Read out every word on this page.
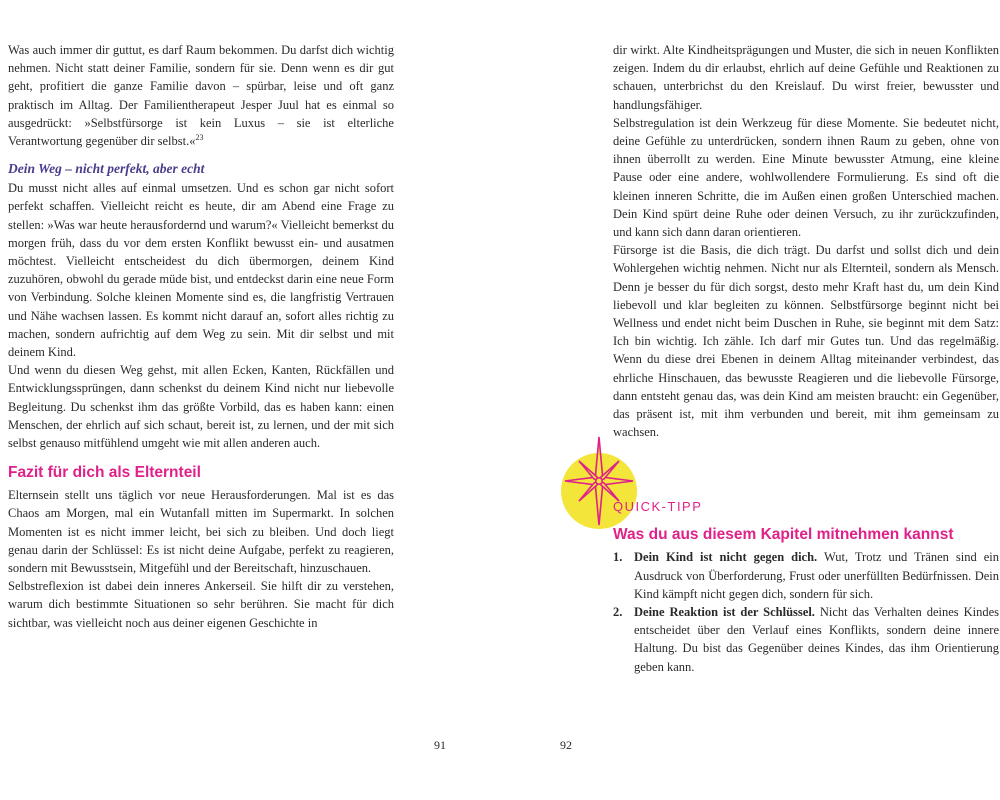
Was auch immer dir guttut, es darf Raum bekommen. Du darfst dich wichtig nehmen. Nicht statt deiner Familie, sondern für sie. Denn wenn es dir gut geht, profitiert die ganze Familie davon – spürbar, leise und oft ganz praktisch im Alltag. Der Familientherapeut Jesper Juul hat es einmal so ausgedrückt: »Selbstfürsorge ist kein Luxus – sie ist elterliche Verantwortung gegenüber dir selbst.«$^{23}$

Dein Weg – nicht perfekt, aber echt

Du musst nicht alles auf einmal umsetzen. Und es schon gar nicht sofort perfekt schaffen. Vielleicht reicht es heute, dir am Abend eine Frage zu stellen: »Was war heute herausfordernd und warum?« Vielleicht bemerkst du morgen früh, dass du vor dem ersten Konflikt bewusst ein- und ausatmen möchtest. Vielleicht entscheidest du dich übermorgen, deinem Kind zuzuhören, obwohl du gerade müde bist, und entdeckst darin eine neue Form von Verbindung. Solche kleinen Momente sind es, die langfristig Vertrauen und Nähe wachsen lassen. Es kommt nicht darauf an, sofort alles richtig zu machen, sondern aufrichtig auf dem Weg zu sein. Mit dir selbst und mit deinem Kind.

Und wenn du diesen Weg gehst, mit allen Ecken, Kanten, Rückfällen und Entwicklungssprüngen, dann schenkst du deinem Kind nicht nur liebevolle Begleitung. Du schenkst ihm das größte Vorbild, das es haben kann: einen Menschen, der ehrlich auf sich schaut, bereit ist, zu lernen, und der mit sich selbst genauso mitfühlend umgeht wie mit allen anderen auch.

Fazit für dich als Elternteil

Elternsein stellt uns täglich vor neue Herausforderungen. Mal ist es das Chaos am Morgen, mal ein Wutanfall mitten im Supermarkt. In solchen Momenten ist es nicht immer leicht, bei sich zu bleiben. Und doch liegt genau darin der Schlüssel: Es ist nicht deine Aufgabe, perfekt zu reagieren, sondern mit Bewusstsein, Mitgefühl und der Bereitschaft, hinzuschauen.

Selbstreflexion ist dabei dein inneres Ankerseil. Sie hilft dir zu verstehen, warum dich bestimmte Situationen so sehr berühren. Sie macht für dich sichtbar, was vielleicht noch aus deiner eigenen Geschichte in

91

dir wirkt. Alte Kindheitsprägungen und Muster, die sich in neuen Konflikten zeigen. Indem du dir erlaubst, ehrlich auf deine Gefühle und Reaktionen zu schauen, unterbrichst du den Kreislauf. Du wirst freier, bewusster und handlungsfähiger.

Selbstregulation ist dein Werkzeug für diese Momente. Sie bedeutet nicht, deine Gefühle zu unterdrücken, sondern ihnen Raum zu geben, ohne von ihnen überrollt zu werden. Eine Minute bewusster Atmung, eine kleine Pause oder eine andere, wohlwollendere Formulierung. Es sind oft die kleinen inneren Schritte, die im Außen einen großen Unterschied machen. Dein Kind spürt deine Ruhe oder deinen Versuch, zu ihr zurückzufinden, und kann sich dann daran orientieren.

Fürsorge ist die Basis, die dich trägt. Du darfst und sollst dich und dein Wohlergehen wichtig nehmen. Nicht nur als Elternteil, sondern als Mensch. Denn je besser du für dich sorgst, desto mehr Kraft hast du, um dein Kind liebevoll und klar begleiten zu können. Selbstfürsorge beginnt nicht bei Wellness und endet nicht beim Duschen in Ruhe, sie beginnt mit dem Satz: Ich bin wichtig. Ich zähle. Ich darf mir Gutes tun. Und das regelmäßig. Wenn du diese drei Ebenen in deinem Alltag miteinander verbindest, das ehrliche Hinschauen, das bewusste Reagieren und die liebevolle Fürsorge, dann entsteht genau das, was dein Kind am meisten braucht: ein Gegenüber, das präsent ist, mit ihm verbunden und bereit, mit ihm gemeinsam zu wachsen.

QUICK-TIPP
Was du aus diesem Kapitel mitnehmen kannst
1. Dein Kind ist nicht gegen dich. Wut, Trotz und Tränen sind ein Ausdruck von Überforderung, Frust oder unerfüllten Bedürfnissen. Dein Kind kämpft nicht gegen dich, sondern für sich.
2. Deine Reaktion ist der Schlüssel. Nicht das Verhalten deines Kindes entscheidet über den Verlauf eines Konflikts, sondern deine innere Haltung. Du bist das Gegenüber deines Kindes, das ihm Orientierung geben kann.
92
